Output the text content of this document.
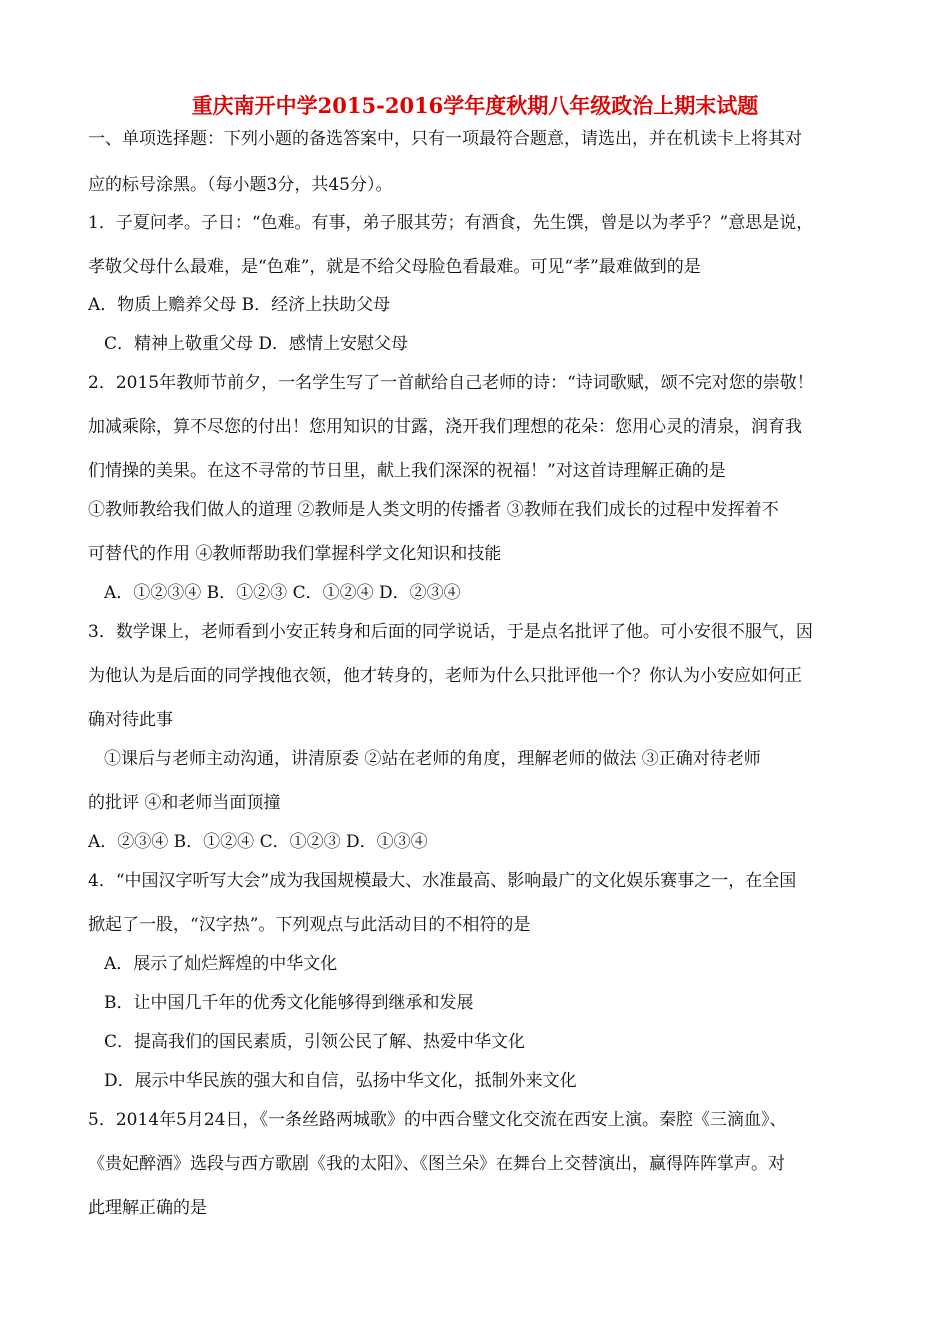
重庆南开中学2015-2016学年度秋期八年级政治上期末试题
一、单项选择题：下列小题的备选答案中，只有一项最符合题意，请选出，并在机读卡上将其对
应的标号涂黑。（每小题3分，共45分）。
1．子夏问孝。子日：“色难。有事，弟子服其劳；有酒食，先生馔，曾是以为孝乎？”意思是说，
孝敬父母什么最难，是“色难”，就是不给父母脸色看最难。可见“孝”最难做到的是
A．物质上赡养父母 B．经济上扶助父母
C．精神上敬重父母 D．感情上安慰父母
2．2015年教师节前夕，一名学生写了一首献给自己老师的诗：“诗词歌赋，颂不完对您的崇敬！
加减乘除，算不尽您的付出！您用知识的甘露，浇开我们理想的花朵：您用心灵的清泉，润育我
们情操的美果。在这不寻常的节日里，献上我们深深的祝福！”对这首诗理解正确的是
①教师教给我们做人的道理 ②教师是人类文明的传播者 ③教师在我们成长的过程中发挥着不
可替代的作用 ④教师帮助我们掌握科学文化知识和技能
A．①②③④ B．①②③ C．①②④ D．②③④
3．数学课上，老师看到小安正转身和后面的同学说话，于是点名批评了他。可小安很不服气，因
为他认为是后面的同学拽他衣领，他才转身的，老师为什么只批评他一个？你认为小安应如何正
确对待此事
①课后与老师主动沟通，讲清原委 ②站在老师的角度，理解老师的做法 ③正确对待老师
的批评 ④和老师当面顶撞
A．②③④ B．①②④ C．①②③ D．①③④
4．“中国汉字听写大会”成为我国规模最大、水准最高、影响最广的文化娱乐赛事之一，在全国
掀起了一股，“汉字热”。下列观点与此活动目的不相符的是
A．展示了灿烂辉煌的中华文化
B．让中国几千年的优秀文化能够得到继承和发展
C．提高我们的国民素质，引领公民了解、热爱中华文化
D．展示中华民族的强大和自信，弘扬中华文化，抵制外来文化
5．2014年5月24日，《一条丝路两城歌》的中西合璧文化交流在西安上演。秦腔《三滴血》、
《贵妃醉酒》选段与西方歌剧《我的太阳》、《图兰朵》在舞台上交替演出，赢得阵阵掌声。对
此理解正确的是
